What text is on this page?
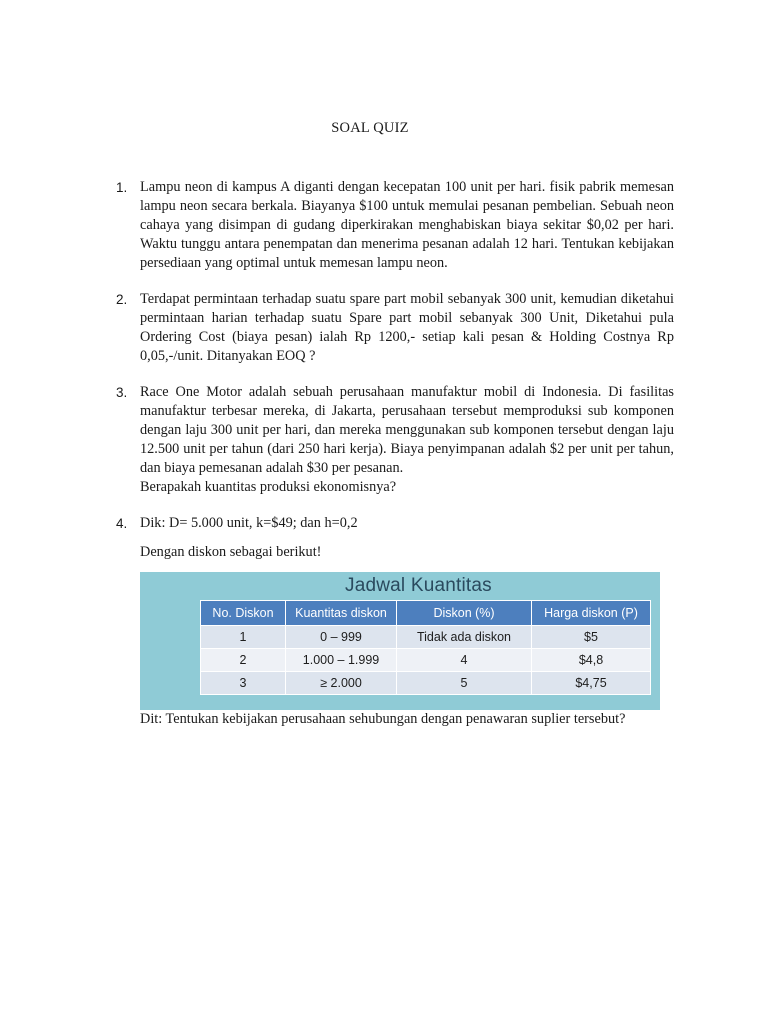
SOAL QUIZ
1. Lampu neon di kampus A diganti dengan kecepatan 100 unit per hari. fisik pabrik memesan lampu neon secara berkala. Biayanya $100 untuk memulai pesanan pembelian. Sebuah neon cahaya yang disimpan di gudang diperkirakan menghabiskan biaya sekitar $0,02 per hari. Waktu tunggu antara penempatan dan menerima pesanan adalah 12 hari. Tentukan kebijakan persediaan yang optimal untuk memesan lampu neon.

2. Terdapat permintaan terhadap suatu spare part mobil sebanyak 300 unit, kemudian diketahui permintaan harian terhadap suatu Spare part mobil sebanyak 300 Unit, Diketahui pula Ordering Cost (biaya pesan) ialah Rp 1200,- setiap kali pesan & Holding Costnya Rp 0,05,-/unit. Ditanyakan EOQ ?

3. Race One Motor adalah sebuah perusahaan manufaktur mobil di Indonesia. Di fasilitas manufaktur terbesar mereka, di Jakarta, perusahaan tersebut memproduksi sub komponen dengan laju 300 unit per hari, dan mereka menggunakan sub komponen tersebut dengan laju 12.500 unit per tahun (dari 250 hari kerja). Biaya penyimpanan adalah $2 per unit per tahun, dan biaya pemesanan adalah $30 per pesanan.

Berapakah kuantitas produksi ekonomisnya?

4. Dik: D= 5.000 unit, k=$49; dan h=0,2

Dengan diskon sebagai berikut!

Jadwal Kuantitas
No. Diskon	Kuantitas diskon	Diskon (%)	Harga diskon (P)
1	0 – 999	Tidak ada diskon	$5
2	1.000 – 1.999	4	$4,8
3	≥ 2.000	5	$4,75

Dit: Tentukan kebijakan perusahaan sehubungan dengan penawaran suplier tersebut?
